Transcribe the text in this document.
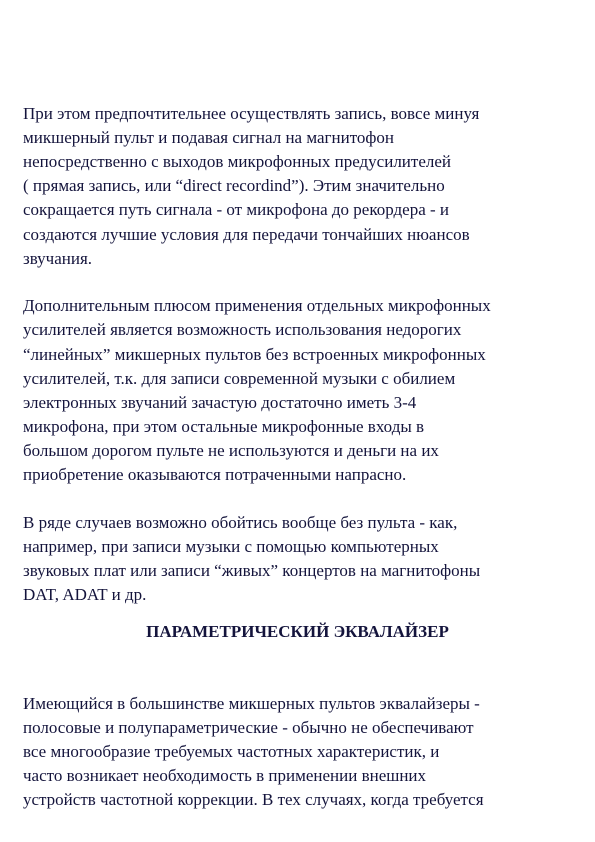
При этом предпочтительнее осуществлять запись, вовсе минуя
микшерный пульт и подавая сигнал на магнитофон
непосредственно с выходов микрофонных предусилителей
( прямая запись, или “direct recordind”). Этим значительно
сокращается путь сигнала - от микрофона до рекордера - и
создаются лучшие условия для передачи тончайших нюансов
звучания.
Дополнительным плюсом применения отдельных микрофонных
усилителей является возможность использования недорогих
“линейных” микшерных пультов без встроенных микрофонных
усилителей, т.к. для записи современной музыки с обилием
электронных звучаний зачастую достаточно иметь 3-4
микрофона, при этом остальные микрофонные входы в
большом дорогом пульте не используются и деньги на их
приобретение оказываются потраченными напрасно.
В ряде случаев возможно обойтись вообще без пульта - как,
например, при записи музыки с помощью компьютерных
звуковых плат или записи “живых” концертов на магнитофоны
DAT, ADAT и др.
ПАРАМЕТРИЧЕСКИЙ ЭКВАЛАЙЗЕР
Имеющийся в большинстве микшерных пультов эквалайзеры -
полосовые и полупараметрические - обычно не обеспечивают
все многообразие требуемых частотных характеристик, и
часто возникает необходимость в применении внешних
устройств частотной коррекции. В тех случаях, когда требуется
